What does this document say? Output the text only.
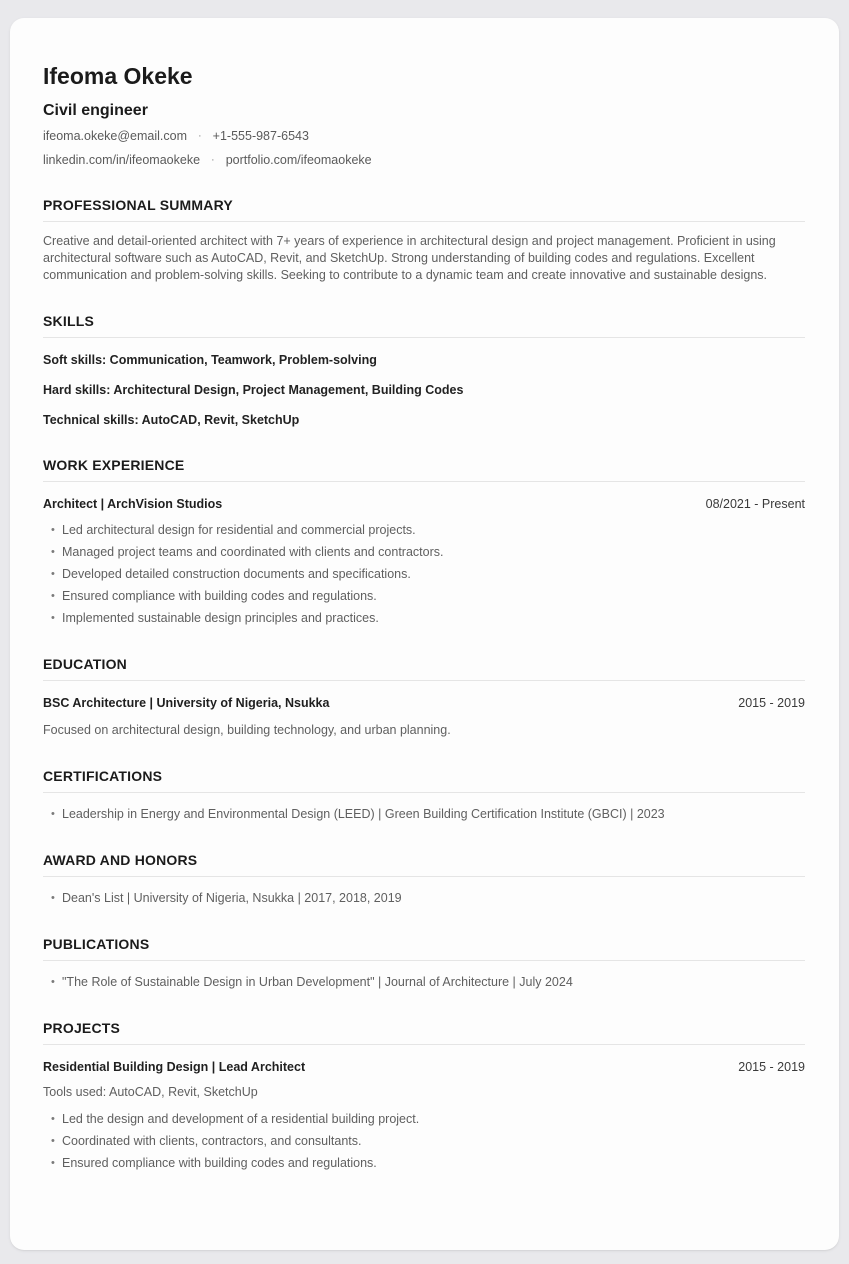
Ifeoma Okeke
Civil engineer
ifeoma.okeke@email.com · +1-555-987-6543
linkedin.com/in/ifeomaokeke · portfolio.com/ifeomaokeke
PROFESSIONAL SUMMARY

Creative and detail-oriented architect with 7+ years of experience in architectural design and project management. Proficient in using architectural software such as AutoCAD, Revit, and SketchUp. Strong understanding of building codes and regulations. Excellent communication and problem-solving skills. Seeking to contribute to a dynamic team and create innovative and sustainable designs.

SKILLS

Soft skills: Communication, Teamwork, Problem-solving

Hard skills: Architectural Design, Project Management, Building Codes

Technical skills: AutoCAD, Revit, SketchUp

WORK EXPERIENCE
Architect | ArchVision Studios	08/2021 - Present
• Led architectural design for residential and commercial projects.
• Managed project teams and coordinated with clients and contractors.
• Developed detailed construction documents and specifications.
• Ensured compliance with building codes and regulations.
• Implemented sustainable design principles and practices.
EDUCATION
BSC Architecture | University of Nigeria, Nsukka	2015 - 2019

Focused on architectural design, building technology, and urban planning.

CERTIFICATIONS
• Leadership in Energy and Environmental Design (LEED) | Green Building Certification Institute (GBCI) | 2023
AWARD AND HONORS
• Dean's List | University of Nigeria, Nsukka | 2017, 2018, 2019
PUBLICATIONS
• "The Role of Sustainable Design in Urban Development" | Journal of Architecture | July 2024
PROJECTS
Residential Building Design | Lead Architect	2015 - 2019

Tools used: AutoCAD, Revit, SketchUp

• Led the design and development of a residential building project.
• Coordinated with clients, contractors, and consultants.
• Ensured compliance with building codes and regulations.
